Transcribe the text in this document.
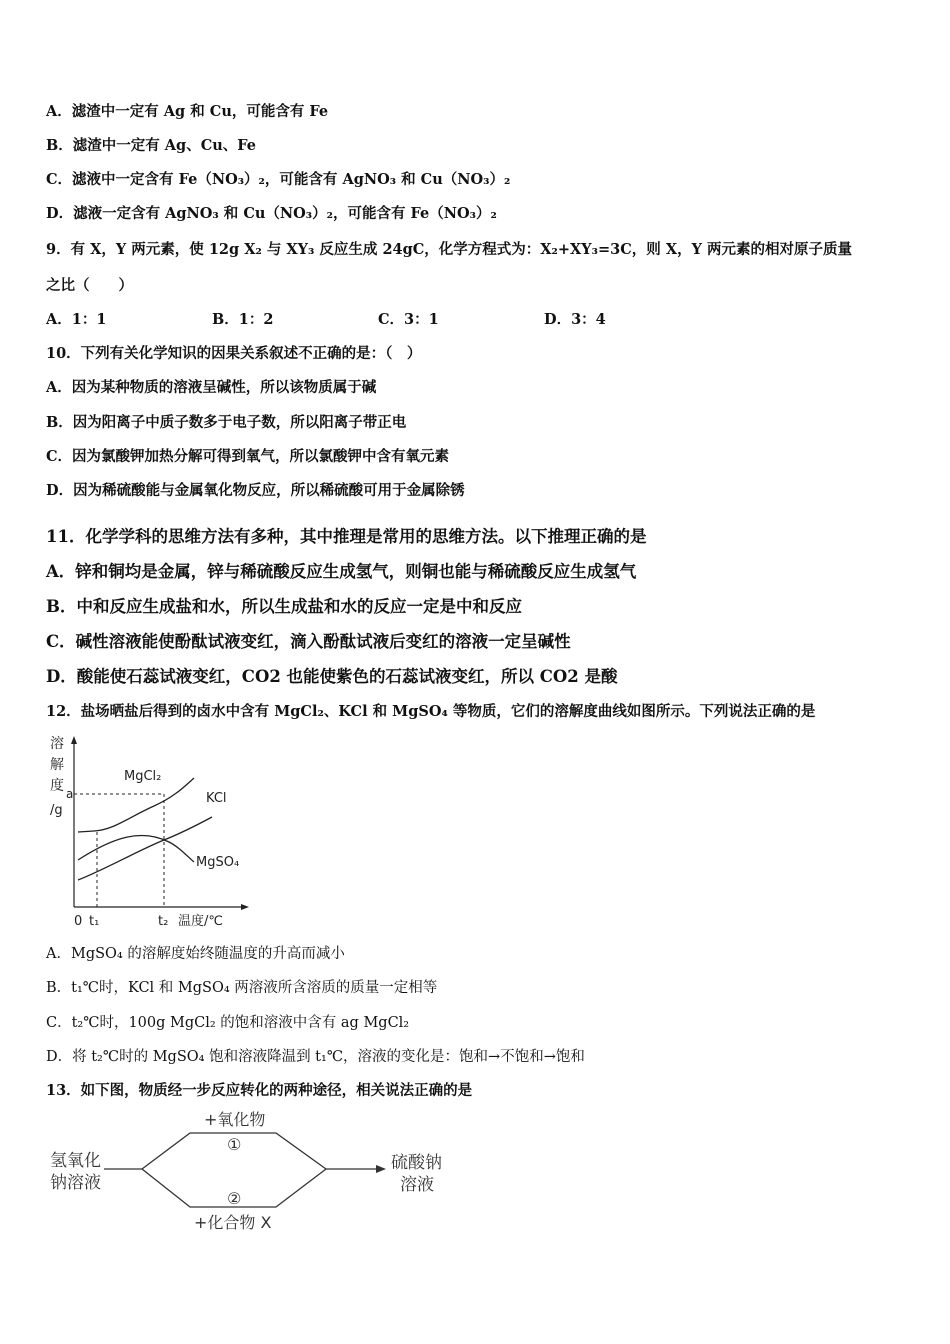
A．滤渣中一定有 Ag 和 Cu，可能含有 Fe
B．滤渣中一定有 Ag、Cu、Fe
C．滤液中一定含有 Fe（NO₃）₂，可能含有 AgNO₃ 和 Cu（NO₃）₂
D．滤液一定含有 AgNO₃ 和 Cu（NO₃）₂，可能含有 Fe（NO₃）₂
9．有 X，Y 两元素，使 12g X₂ 与 XY₃ 反应生成 24gC，化学方程式为：X₂+XY₃=3C，则 X，Y 两元素的相对原子质量
之比（　　）
A．1：1	B．1：2	C．3：1	D．3：4
10．下列有关化学知识的因果关系叙述不正确的是：（　）
A．因为某种物质的溶液呈碱性，所以该物质属于碱
B．因为阳离子中质子数多于电子数，所以阳离子带正电
C．因为氯酸钾加热分解可得到氧气，所以氯酸钾中含有氧元素
D．因为稀硫酸能与金属氧化物反应，所以稀硫酸可用于金属除锈
11．化学学科的思维方法有多种，其中推理是常用的思维方法。以下推理正确的是
A．锌和铜均是金属，锌与稀硫酸反应生成氢气，则铜也能与稀硫酸反应生成氢气
B．中和反应生成盐和水，所以生成盐和水的反应一定是中和反应
C．碱性溶液能使酚酞试液变红，滴入酚酞试液后变红的溶液一定呈碱性
D．酸能使石蕊试液变红，CO2 也能使紫色的石蕊试液变红，所以 CO2 是酸
12．盐场晒盐后得到的卤水中含有 MgCl₂、KCl 和 MgSO₄ 等物质，它们的溶解度曲线如图所示。下列说法正确的是
溶
解
度
/g
a
MgCl₂
KCl
MgSO₄
0 t₁	t₂ 温度/℃
A．MgSO₄ 的溶解度始终随温度的升高而减小
B．t₁℃时，KCl 和 MgSO₄ 两溶液所含溶质的质量一定相等
C．t₂℃时，100g MgCl₂ 的饱和溶液中含有 ag MgCl₂
D．将 t₂℃时的 MgSO₄ 饱和溶液降温到 t₁℃，溶液的变化是：饱和→不饱和→饱和
13．如下图，物质经一步反应转化的两种途径，相关说法正确的是
氢氧化
钠溶液
+氧化物
①
②
+化合物 X
硫酸钠
溶液
